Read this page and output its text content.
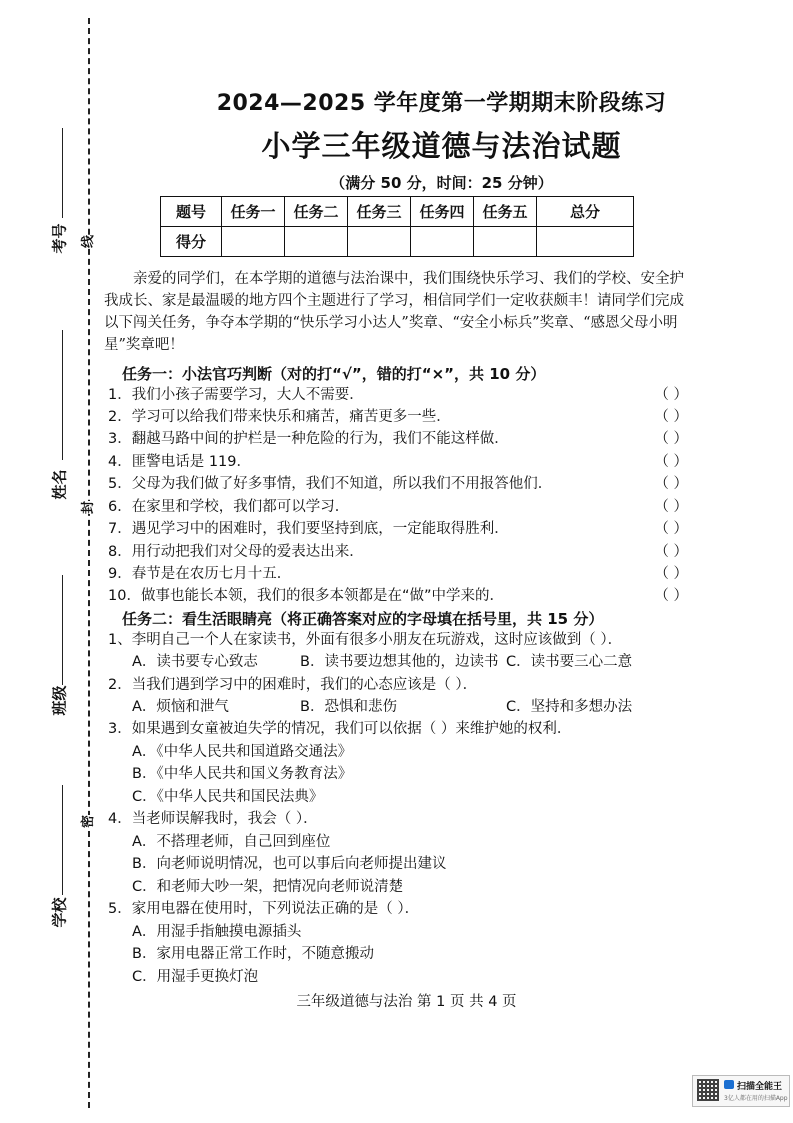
考号 线
姓名
封
班级
密
学校
2024—2025 学年度第一学期期末阶段练习
小学三年级道德与法治试题
（满分 50 分，时间：25 分钟）
题号	任务一	任务二	任务三	任务四	任务五	总分
得分						
亲爱的同学们，在本学期的道德与法治课中，我们围绕快乐学习、我们的学校、安全护我成长、家是最温暖的地方四个主题进行了学习，相信同学们一定收获颇丰！请同学们完成以下闯关任务，争夺本学期的“快乐学习小达人”奖章、“安全小标兵”奖章、“感恩父母小明星”奖章吧！
任务一：小法官巧判断（对的打“√”，错的打“×”，共 10 分）
1．我们小孩子需要学习，大人不需要．	（ ）
2．学习可以给我们带来快乐和痛苦，痛苦更多一些．	（ ）
3．翻越马路中间的护栏是一种危险的行为，我们不能这样做．	（ ）
4．匪警电话是 119．	（ ）
5．父母为我们做了好多事情，我们不知道，所以我们不用报答他们．	（ ）
6．在家里和学校，我们都可以学习．	（ ）
7．遇见学习中的困难时，我们要坚持到底，一定能取得胜利．	（ ）
8．用行动把我们对父母的爱表达出来．	（ ）
9．春节是在农历七月十五．	（ ）
10．做事也能长本领，我们的很多本领都是在“做”中学来的．	（ ）
任务二：看生活眼睛亮（将正确答案对应的字母填在括号里，共 15 分）
1、李明自己一个人在家读书，外面有很多小朋友在玩游戏，这时应该做到（ ）．
A．读书要专心致志	B．读书要边想其他的，边读书 C．读书要三心二意
2．当我们遇到学习中的困难时，我们的心态应该是（ ）．
A．烦恼和泄气	B．恐惧和悲伤	C．坚持和多想办法
3．如果遇到女童被迫失学的情况，我们可以依据（ ）来维护她的权利．
A．《中华人民共和国道路交通法》
B．《中华人民共和国义务教育法》
C．《中华人民共和国民法典》
4．当老师误解我时，我会（ ）．
A．不搭理老师，自己回到座位
B．向老师说明情况，也可以事后向老师提出建议
C．和老师大吵一架，把情况向老师说清楚
5．家用电器在使用时，下列说法正确的是（ ）．
A．用湿手指触摸电源插头
B．家用电器正常工作时，不随意搬动
C．用湿手更换灯泡
三年级道德与法治 第 1 页 共 4 页
扫描全能王
3亿人都在用的扫描App
